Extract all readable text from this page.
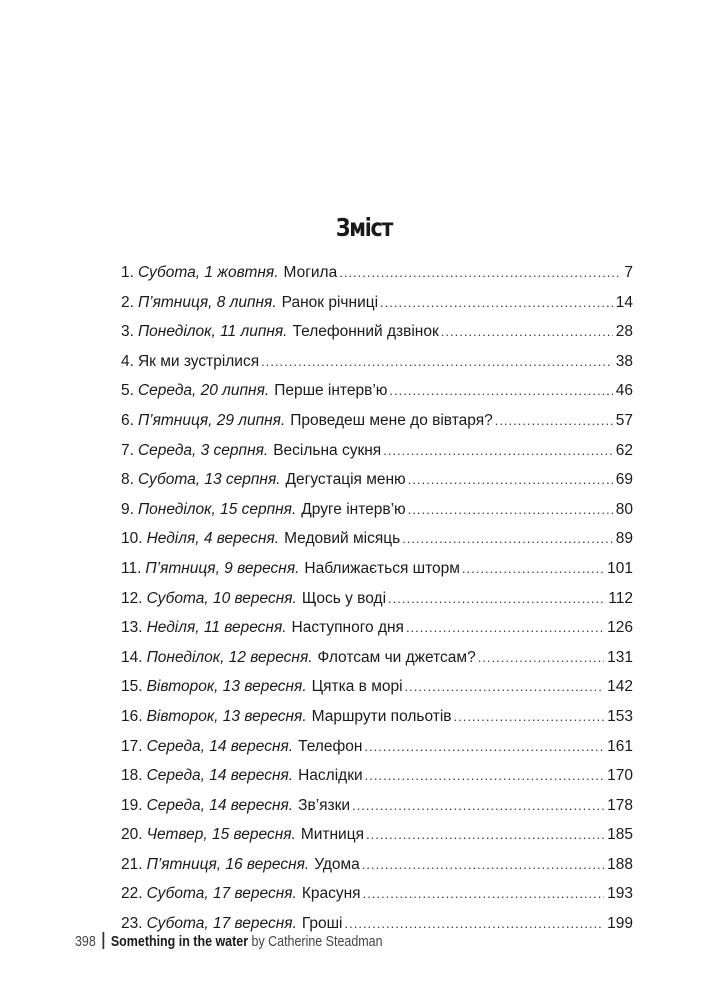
Зміст
1. Субота, 1 жовтня. Могила .....	7
2. П’ятниця, 8 липня. Ранок річниці .....	14
3. Понеділок, 11 липня. Телефонний дзвінок .....	28
4. Як ми зустрілися .....	38
5. Середа, 20 липня. Перше інтерв’ю .....	46
6. П’ятниця, 29 липня. Проведеш мене до вівтаря? .....	57
7. Середа, 3 серпня. Весільна сукня .....	62
8. Субота, 13 серпня. Дегустація меню .....	69
9. Понеділок, 15 серпня. Друге інтерв’ю .....	80
10. Неділя, 4 вересня. Медовий місяць .....	89
11. П’ятниця, 9 вересня. Наближається шторм .....	101
12. Субота, 10 вересня. Щось у воді .....	112
13. Неділя, 11 вересня. Наступного дня .....	126
14. Понеділок, 12 вересня. Флотсам чи джетсам? .....	131
15. Вівторок, 13 вересня. Цятка в морі .....	142
16. Вівторок, 13 вересня. Маршрути польотів .....	153
17. Середа, 14 вересня. Телефон .....	161
18. Середа, 14 вересня. Наслідки .....	170
19. Середа, 14 вересня. Зв’язки .....	178
20. Четвер, 15 вересня. Митниця .....	185
21. П’ятниця, 16 вересня. Удома .....	188
22. Субота, 17 вересня. Красуня .....	193
23. Субота, 17 вересня. Гроші .....	199
398 Something in the water by Catherine Steadman
